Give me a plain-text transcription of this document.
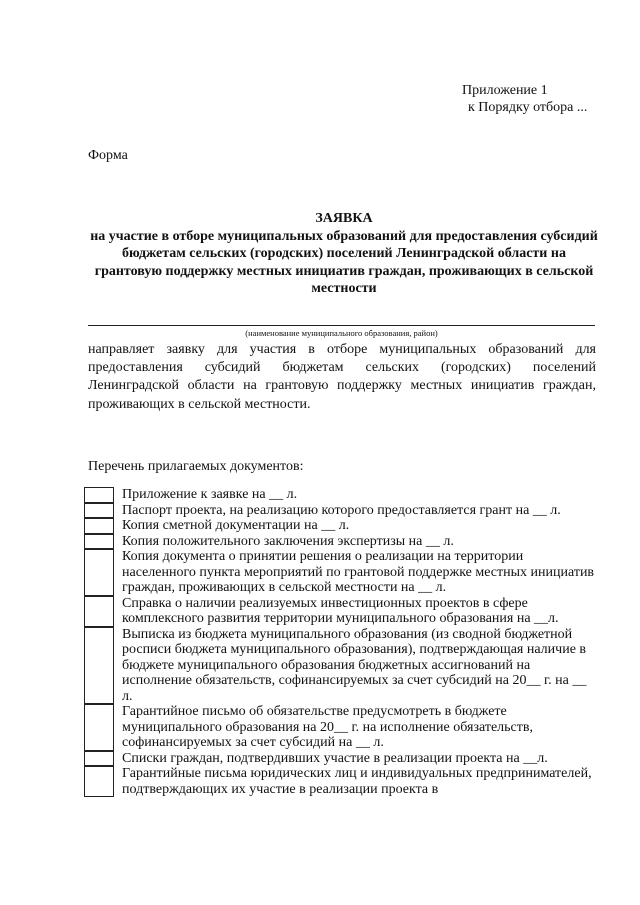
Приложение 1
к Порядку отбора ...
Форма
ЗАЯВКА
на участие в отборе муниципальных образований для предоставления субсидий бюджетам сельских (городских) поселений Ленинградской области на грантовую поддержку местных инициатив граждан, проживающих в сельской местности
(наименование муниципального образования, район)
направляет заявку для участия в отборе муниципальных образований для предоставления субсидий бюджетам сельских (городских) поселений Ленинградской области на грантовую поддержку местных инициатив граждан, проживающих в сельской местности.
Перечень прилагаемых документов:
Приложение к заявке на __ л.
Паспорт проекта, на реализацию которого предоставляется грант на __ л.
Копия сметной документации на __ л.
Копия положительного заключения экспертизы на __ л.
Копия документа о принятии решения о реализации на территории населенного пункта мероприятий по грантовой поддержке местных инициатив граждан, проживающих в сельской местности на __ л.
Справка о наличии реализуемых инвестиционных проектов в сфере комплексного развития территории муниципального образования на __л.
Выписка из бюджета муниципального образования (из сводной бюджетной росписи бюджета муниципального образования), подтверждающая наличие в бюджете муниципального образования бюджетных ассигнований на исполнение обязательств, софинансируемых за счет субсидий на 20__ г. на __ л.
Гарантийное письмо об обязательстве предусмотреть в бюджете муниципального образования на 20__ г. на исполнение обязательств, софинансируемых за счет субсидий на __ л.
Списки граждан, подтвердивших участие в реализации проекта на __л.
Гарантийные письма юридических лиц и индивидуальных предпринимателей, подтверждающих их участие в реализации проекта в
